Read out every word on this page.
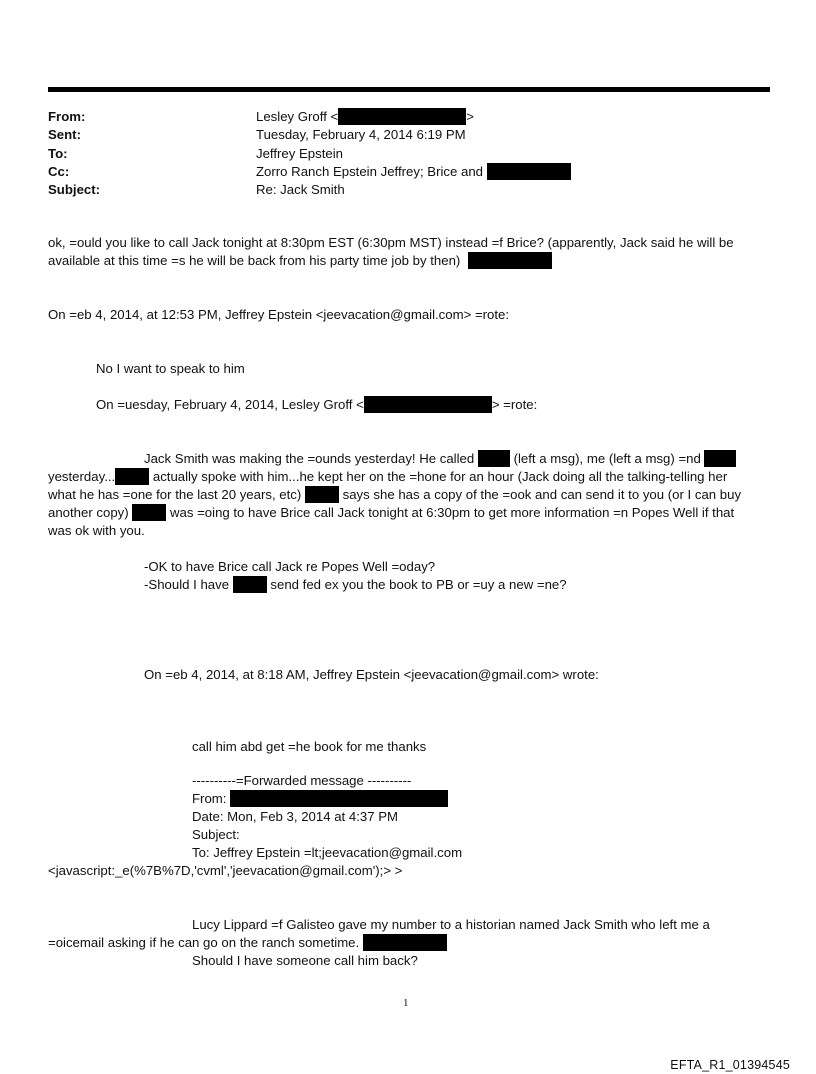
From:	Lesley Groff <	>
Sent:	Tuesday, February 4, 2014 6:19 PM
To:	Jeffrey Epstein
Cc:	Zorro Ranch Epstein Jeffrey; Brice and
Subject:	Re: Jack Smith
ok, =ould you like to call Jack tonight at 8:30pm EST (6:30pm MST) instead =f Brice? (apparently, Jack said he will be
available at this time =s he will be back from his party time job by then)
On =eb 4, 2014, at 12:53 PM, Jeffrey Epstein <jeevacation@gmail.com> =rote:
No I want to speak to him
On =uesday, February 4, 2014, Lesley Groff <	> =rote:
Jack Smith was making the =ounds yesterday! He called	(left a msg), me (left a msg) =nd
yesterday...	actually spoke with him...he kept her on the =hone for an hour (Jack doing all the talking-telling her
what he has =one for the last 20 years, etc)	says she has a copy of the =ook and can send it to you (or I can buy
another copy)	was =oing to have Brice call Jack tonight at 6:30pm to get more information =n Popes Well if that
was ok with you.
-OK to have Brice call Jack re Popes Well =oday?
-Should I have	send fed ex you the book to PB or =uy a new =ne?
On =eb 4, 2014, at 8:18 AM, Jeffrey Epstein <jeevacation@gmail.com> wrote:
call him abd get =he book for me thanks
----------=Forwarded message ----------
From:
Date: Mon, Feb 3, 2014 at 4:37 PM
Subject:
To: Jeffrey Epstein =lt;jeevacation@gmail.com
<javascript:_e(%7B%7D,'cvml','jeevacation@gmail.com');> >
Lucy Lippard =f Galisteo gave my number to a historian named Jack Smith who left me a
=oicemail asking if he can go on the ranch sometime.
Should I have someone call him back?
1
EFTA_R1_01394545
